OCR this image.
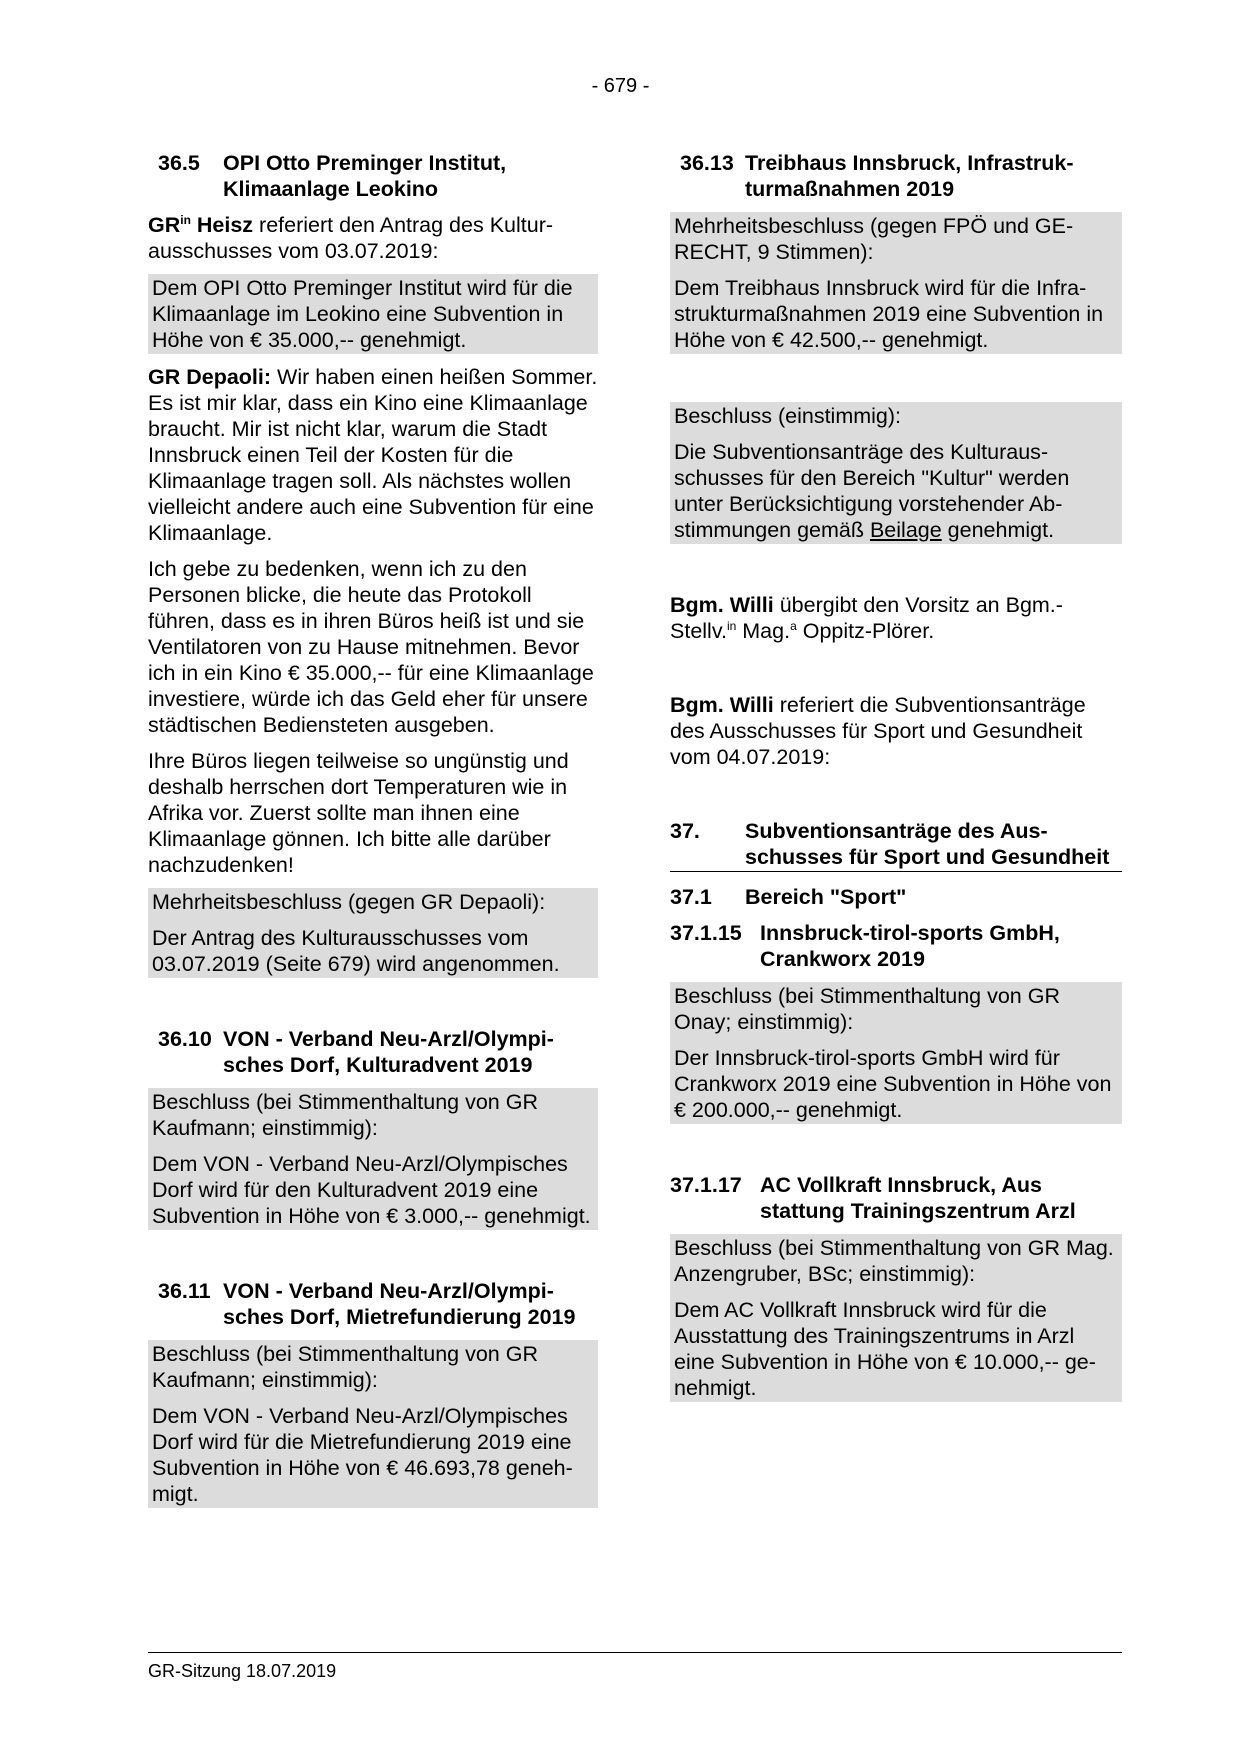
- 679 -
36.5	OPI Otto Preminger Institut, Klimaanlage Leokino
$GR^{in}$ Heisz referiert den Antrag des Kulturausschusses vom 03.07.2019:
Dem OPI Otto Preminger Institut wird für die Klimaanlage im Leokino eine Subvention in Höhe von € 35.000,-- genehmigt.
GR Depaoli: Wir haben einen heißen Sommer. Es ist mir klar, dass ein Kino eine Klimaanlage braucht. Mir ist nicht klar, warum die Stadt Innsbruck einen Teil der Kosten für die Klimaanlage tragen soll. Als nächstes wollen vielleicht andere auch eine Subvention für eine Klimaanlage.
Ich gebe zu bedenken, wenn ich zu den Personen blicke, die heute das Protokoll führen, dass es in ihren Büros heiß ist und sie Ventilatoren von zu Hause mitnehmen. Bevor ich in ein Kino € 35.000,-- für eine Klimaanlage investiere, würde ich das Geld eher für unsere städtischen Bediensteten ausgeben.
Ihre Büros liegen teilweise so ungünstig und deshalb herrschen dort Temperaturen wie in Afrika vor. Zuerst sollte man ihnen eine Klimaanlage gönnen. Ich bitte alle darüber nachzudenken!
Mehrheitsbeschluss (gegen GR Depaoli):
Der Antrag des Kulturausschusses vom 03.07.2019 (Seite 679) wird angenommen.
36.10 VON - Verband Neu-Arzl/Olympisches Dorf, Kulturadvent 2019
Beschluss (bei Stimmenthaltung von GR Kaufmann; einstimmig):
Dem VON - Verband Neu-Arzl/Olympisches Dorf wird für den Kulturadvent 2019 eine Subvention in Höhe von € 3.000,-- genehmigt.
36.11 VON - Verband Neu-Arzl/Olympisches Dorf, Mietrefundierung 2019
Beschluss (bei Stimmenthaltung von GR Kaufmann; einstimmig):
Dem VON - Verband Neu-Arzl/Olympisches Dorf wird für die Mietrefundierung 2019 eine Subvention in Höhe von € 46.693,78 genehmigt.
36.13 Treibhaus Innsbruck, Infrastrukturmaßnahmen 2019
Mehrheitsbeschluss (gegen FPÖ und GERECHT, 9 Stimmen):
Dem Treibhaus Innsbruck wird für die Infrastrukturmaßnahmen 2019 eine Subvention in Höhe von € 42.500,-- genehmigt.
Beschluss (einstimmig):
Die Subventionsanträge des Kulturausschusses für den Bereich "Kultur" werden unter Berücksichtigung vorstehender Abstimmungen gemäß Beilage genehmigt.
Bgm. Willi übergibt den Vorsitz an Bgm.-Stellv.$^{in}$ Mag.$^a$ Oppitz-Plörer.
Bgm. Willi referiert die Subventionsanträge des Ausschusses für Sport und Gesundheit vom 04.07.2019:
37.	Subventionsanträge des Ausschusses für Sport und Gesundheit
37.1	Bereich "Sport"
37.1.15 Innsbruck-tirol-sports GmbH, Crankworx 2019
Beschluss (bei Stimmenthaltung von GR Onay; einstimmig):
Der Innsbruck-tirol-sports GmbH wird für Crankworx 2019 eine Subvention in Höhe von € 200.000,-- genehmigt.
37.1.17 AC Vollkraft Innsbruck, Aus stattung Trainingszentrum Arzl
Beschluss (bei Stimmenthaltung von GR Mag. Anzengruber, BSc; einstimmig):
Dem AC Vollkraft Innsbruck wird für die Ausstattung des Trainingszentrums in Arzl eine Subvention in Höhe von € 10.000,-- genehmigt.
GR-Sitzung 18.07.2019
